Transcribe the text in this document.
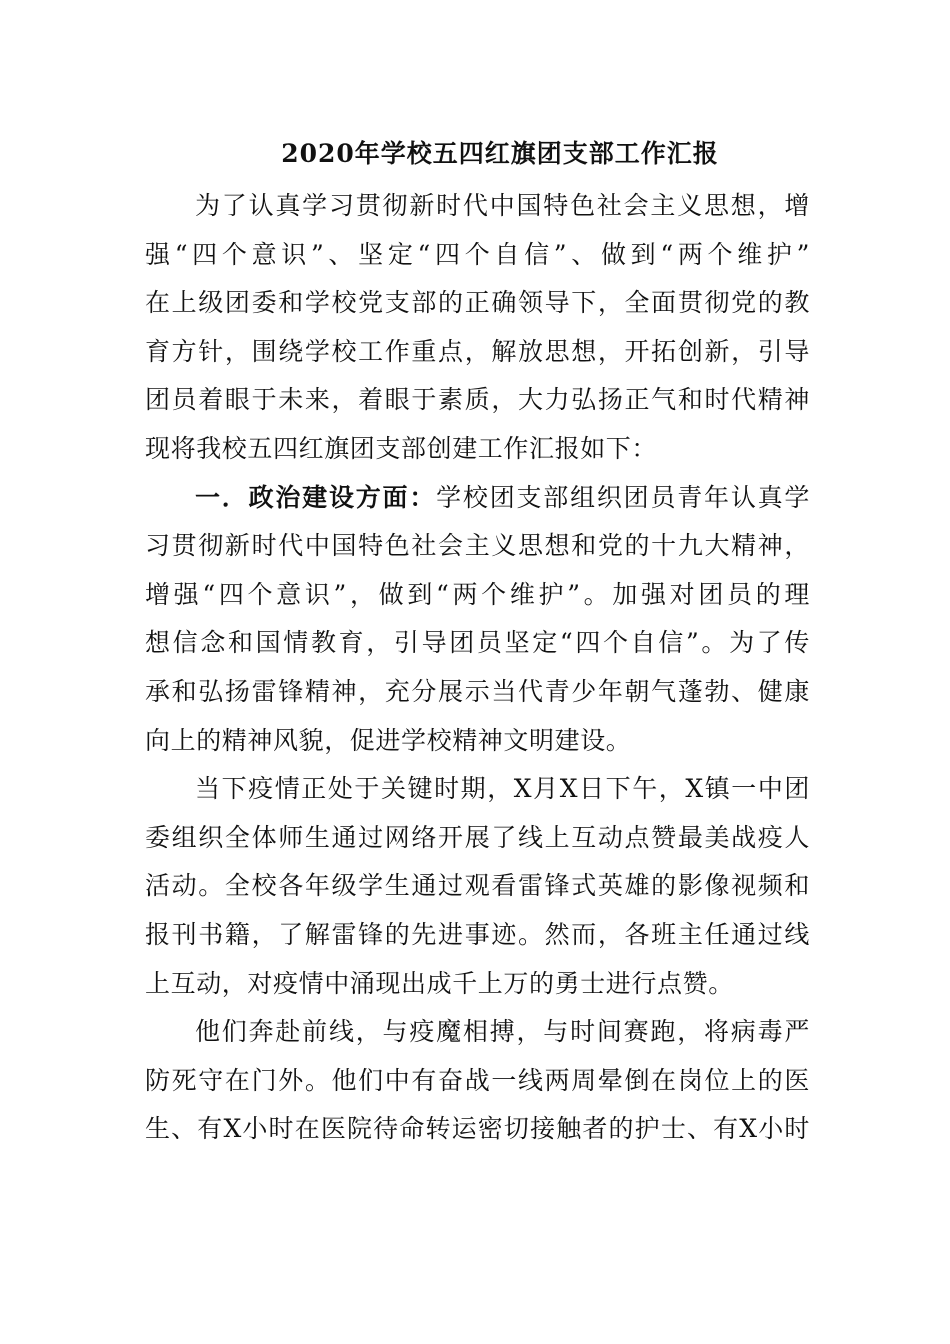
2020年学校五四红旗团支部工作汇报
为了认真学习贯彻新时代中国特色社会主义思想，增
强“四个意识”、坚定“四个自信”、做到“两个维护”
在上级团委和学校党支部的正确领导下，全面贯彻党的教
育方针，围绕学校工作重点，解放思想，开拓创新，引导
团员着眼于未来，着眼于素质，大力弘扬正气和时代精神
现将我校五四红旗团支部创建工作汇报如下：
一．政治建设方面：学校团支部组织团员青年认真学
习贯彻新时代中国特色社会主义思想和党的十九大精神，
增强“四个意识”，做到“两个维护”。加强对团员的理
想信念和国情教育，引导团员坚定“四个自信”。为了传
承和弘扬雷锋精神，充分展示当代青少年朝气蓬勃、健康
向上的精神风貌，促进学校精神文明建设。
当下疫情正处于关键时期，X月X日下午，X镇一中团
委组织全体师生通过网络开展了线上互动点赞最美战疫人
活动。全校各年级学生通过观看雷锋式英雄的影像视频和
报刊书籍，了解雷锋的先进事迹。然而，各班主任通过线
上互动，对疫情中涌现出成千上万的勇士进行点赞。
他们奔赴前线，与疫魔相搏，与时间赛跑，将病毒严
防死守在门外。他们中有奋战一线两周晕倒在岗位上的医
生、有X小时在医院待命转运密切接触者的护士、有X小时
